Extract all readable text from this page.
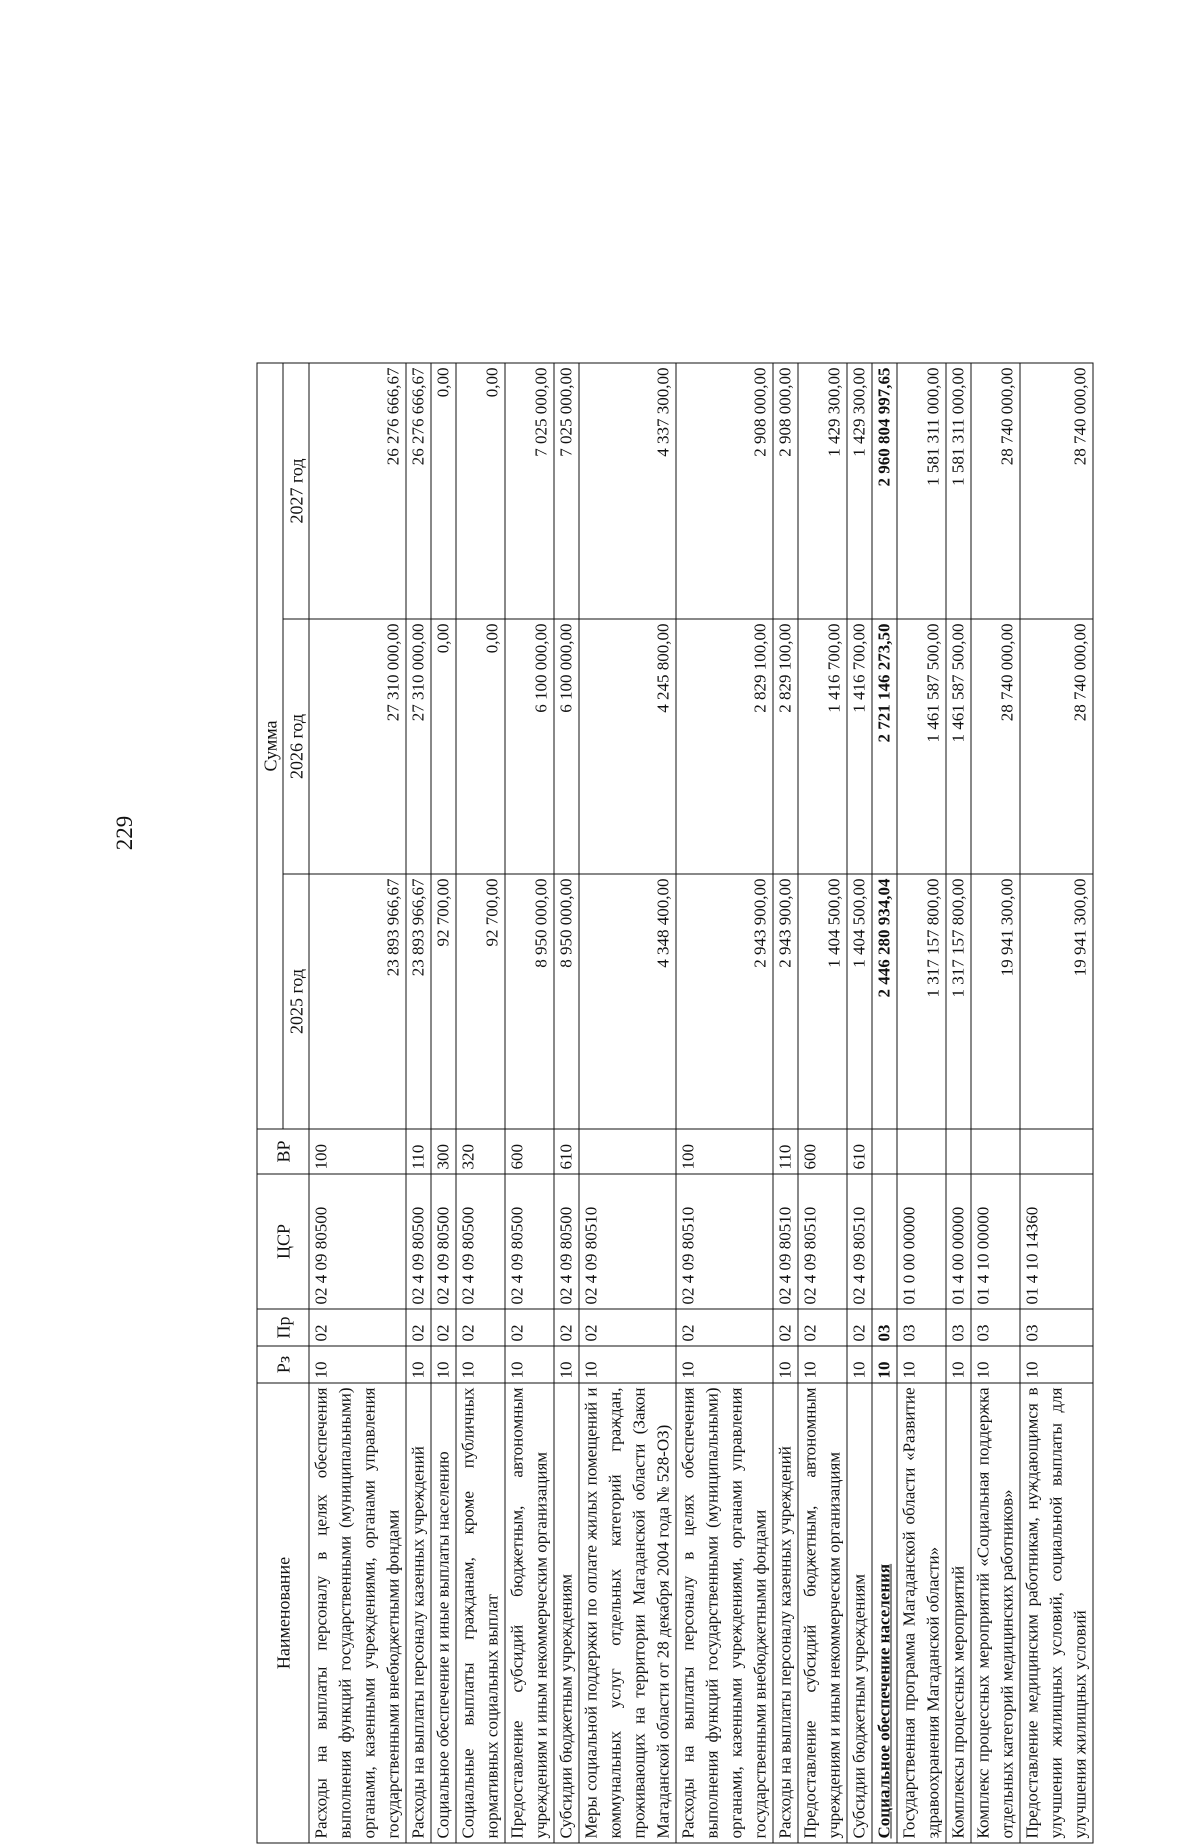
229
Наименование	Рз	Пр	ЦСР	ВР	Сумма		
					2025 год	2026 год	2027 год
Расходы на выплаты персоналу в целях обеспечения выполнения функций государственными (муниципальными) органами, казенными учреждениями, органами управления государственными внебюджетными фондами	10	02	02 4 09 80500	100	23 893 966,67	27 310 000,00	26 276 666,67
Расходы на выплаты персоналу казенных учреждений	10	02	02 4 09 80500	110	23 893 966,67	27 310 000,00	26 276 666,67
Социальное обеспечение и иные выплаты населению	10	02	02 4 09 80500	300	92 700,00	0,00	0,00
Социальные выплаты гражданам, кроме публичных нормативных социальных выплат	10	02	02 4 09 80500	320	92 700,00	0,00	0,00
Предоставление субсидий бюджетным, автономным учреждениям и иным некоммерческим организациям	10	02	02 4 09 80500	600	8 950 000,00	6 100 000,00	7 025 000,00
Субсидии бюджетным учреждениям	10	02	02 4 09 80500	610	8 950 000,00	6 100 000,00	7 025 000,00
Меры социальной поддержки по оплате жилых помещений и коммунальных услуг отдельных категорий граждан, проживающих на территории Магаданской области (Закон Магаданской области от 28 декабря 2004 года № 528-ОЗ)	10	02	02 4 09 80510		4 348 400,00	4 245 800,00	4 337 300,00
Расходы на выплаты персоналу в целях обеспечения выполнения функций государственными (муниципальными) органами, казенными учреждениями, органами управления государственными внебюджетными фондами	10	02	02 4 09 80510	100	2 943 900,00	2 829 100,00	2 908 000,00
Расходы на выплаты персоналу казенных учреждений	10	02	02 4 09 80510	110	2 943 900,00	2 829 100,00	2 908 000,00
Предоставление субсидий бюджетным, автономным учреждениям и иным некоммерческим организациям	10	02	02 4 09 80510	600	1 404 500,00	1 416 700,00	1 429 300,00
Субсидии бюджетным учреждениям	10	02	02 4 09 80510	610	1 404 500,00	1 416 700,00	1 429 300,00
Социальное обеспечение населения	10	03			2 446 280 934,04	2 721 146 273,50	2 960 804 997,65
Государственная программа Магаданской области «Развитие здравоохранения Магаданской области»	10	03	01 0 00 00000		1 317 157 800,00	1 461 587 500,00	1 581 311 000,00
Комплексы процессных мероприятий	10	03	01 4 00 00000		1 317 157 800,00	1 461 587 500,00	1 581 311 000,00
Комплекс процессных мероприятий «Социальная поддержка отдельных категорий медицинских работников»	10	03	01 4 10 00000		19 941 300,00	28 740 000,00	28 740 000,00
Предоставление медицинским работникам, нуждающимся в улучшении жилищных условий, социальной выплаты для улучшения жилищных условий	10	03	01 4 10 14360		19 941 300,00	28 740 000,00	28 740 000,00
